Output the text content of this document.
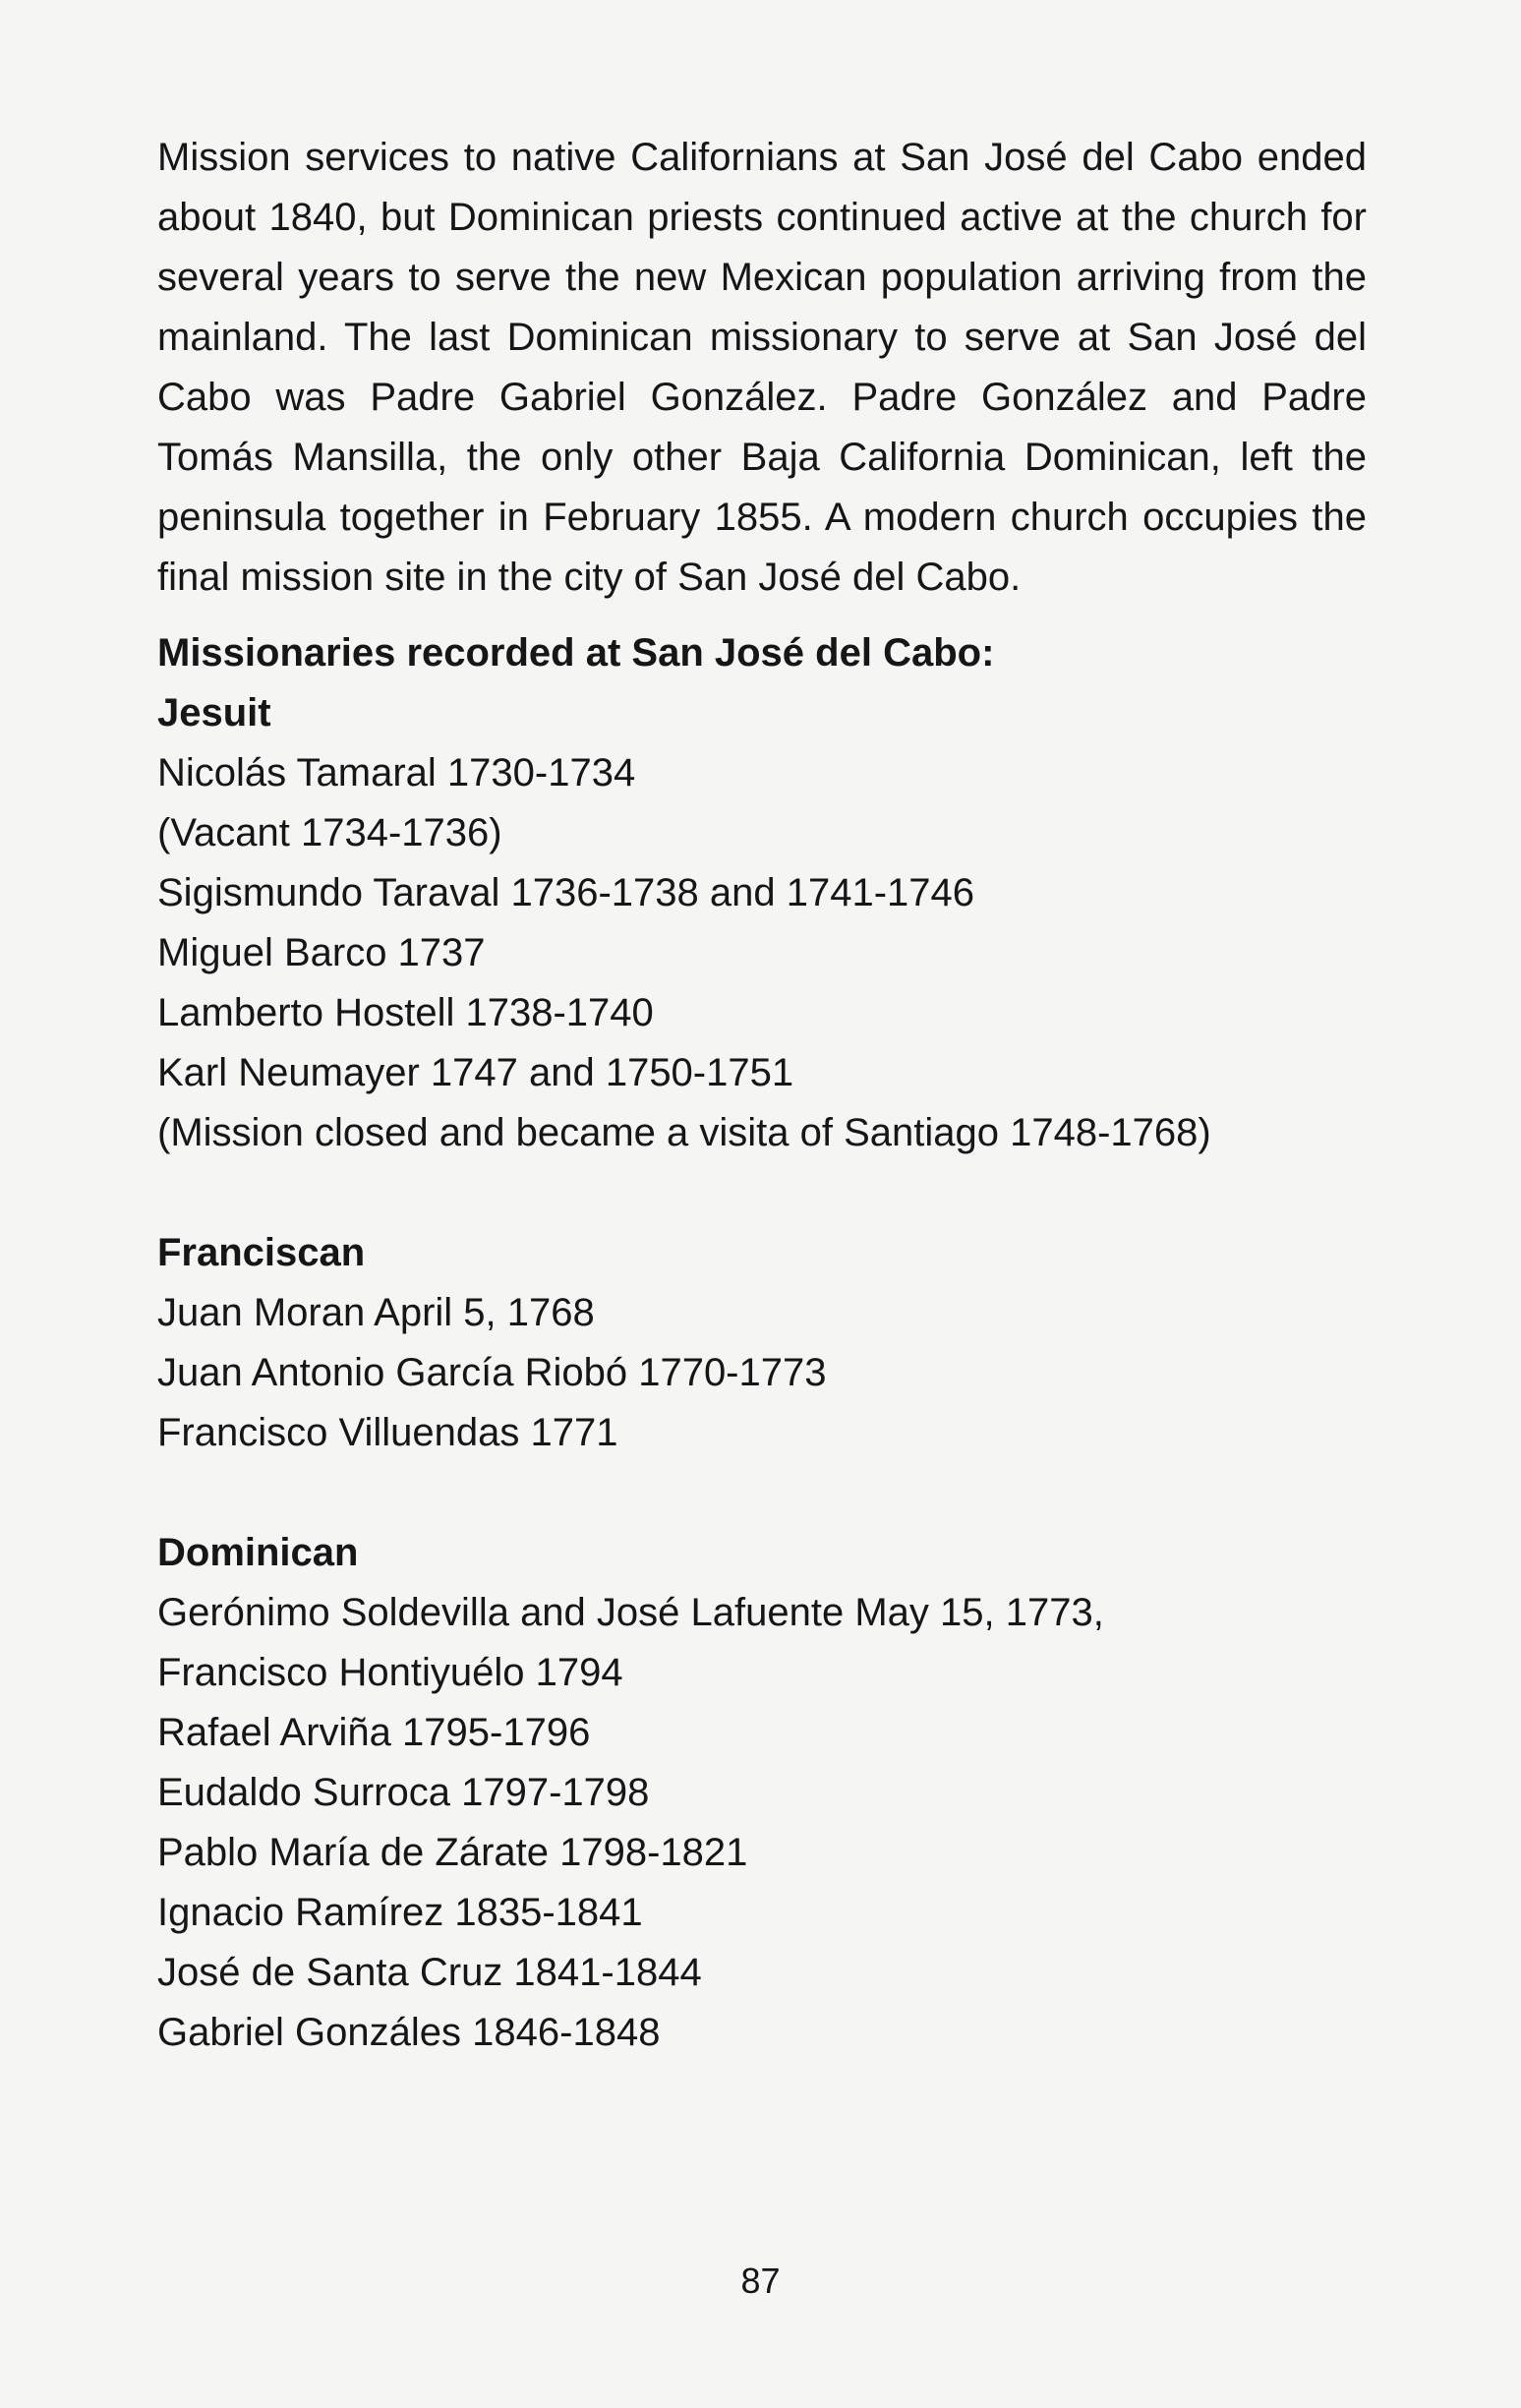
Mission services to native Californians at San José del Cabo ended about 1840, but Dominican priests continued active at the church for several years to serve the new Mexican population arriving from the mainland. The last Dominican missionary to serve at San José del Cabo was Padre Gabriel González. Padre González and Padre Tomás Mansilla, the only other Baja California Dominican, left the peninsula together in February 1855. A modern church occupies the final mission site in the city of San José del Cabo.

Missionaries recorded at San José del Cabo:

Jesuit

Nicolás Tamaral 1730-1734

(Vacant 1734-1736)

Sigismundo Taraval 1736-1738 and 1741-1746

Miguel Barco 1737

Lamberto Hostell 1738-1740

Karl Neumayer 1747 and 1750-1751

(Mission closed and became a visita of Santiago 1748-1768)

Franciscan

Juan Moran April 5, 1768

Juan Antonio García Riobó 1770-1773

Francisco Villuendas 1771

Dominican

Gerónimo Soldevilla and José Lafuente May 15, 1773,

Francisco Hontiyuélo 1794

Rafael Arviña 1795-1796

Eudaldo Surroca 1797-1798

Pablo María de Zárate 1798-1821

Ignacio Ramírez 1835-1841

José de Santa Cruz 1841-1844

Gabriel Gonzáles 1846-1848

87
